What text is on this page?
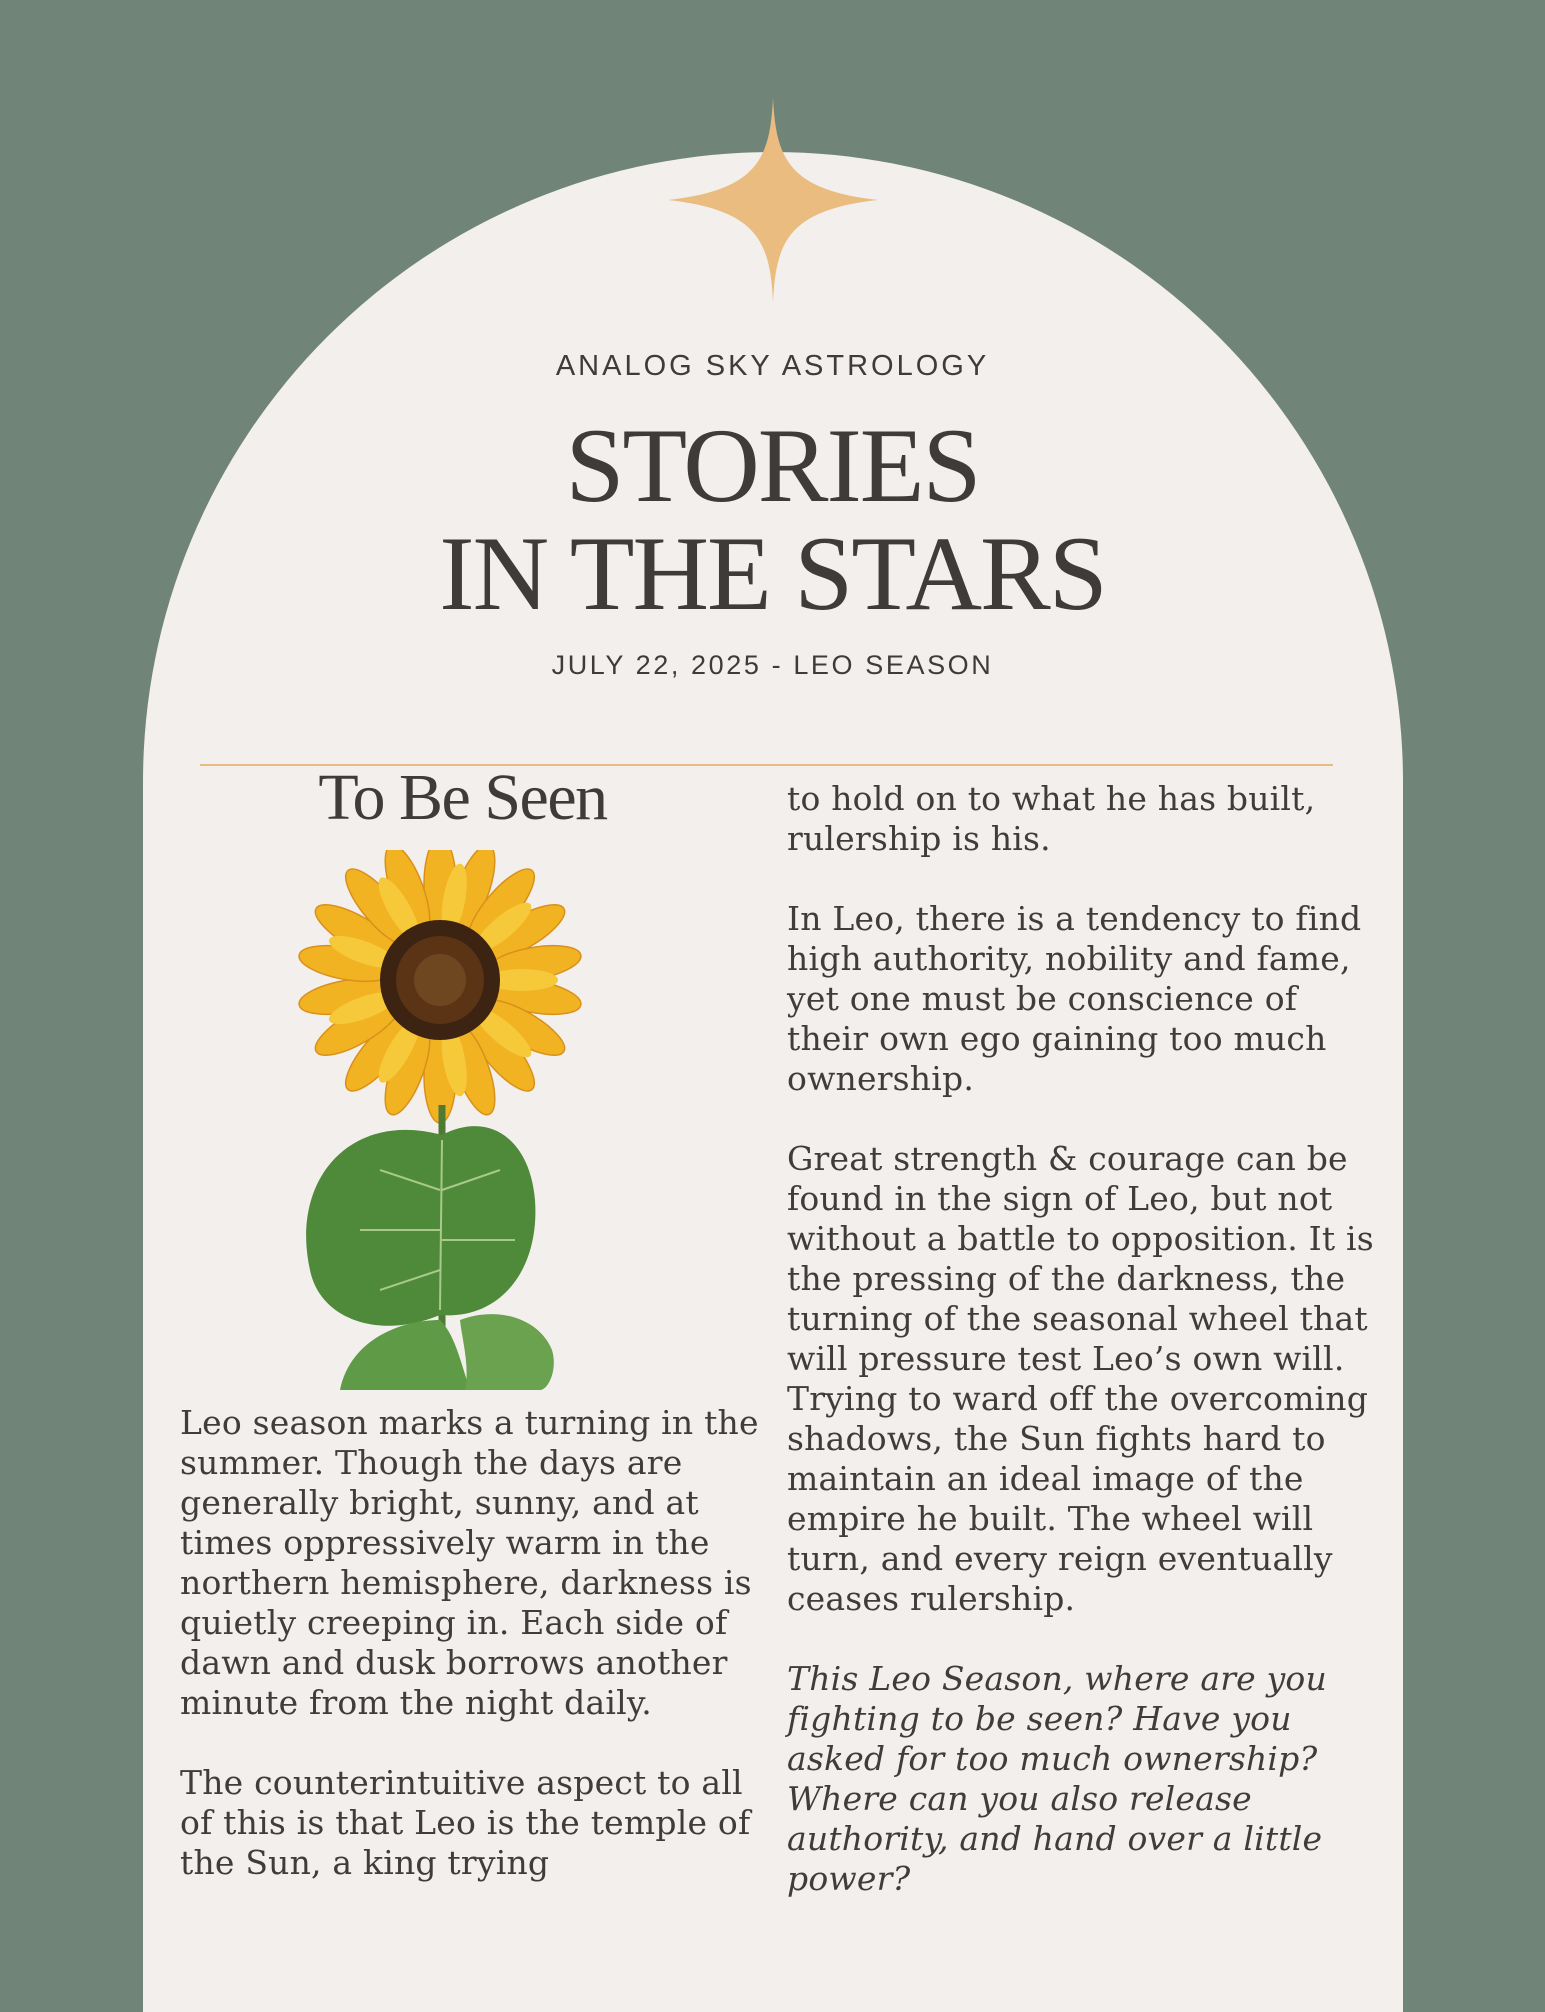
ANALOG SKY ASTROLOGY
STORIES
IN THE STARS
JULY 22, 2025 - LEO SEASON
To Be Seen

Leo season marks a turning in the summer. Though the days are generally bright, sunny, and at times oppressively warm in the northern hemisphere, darkness is quietly creeping in. Each side of dawn and dusk borrows another minute from the night daily.

The counterintuitive aspect to all of this is that Leo is the temple of the Sun, a king trying

to hold on to what he has built, rulership is his.

In Leo, there is a tendency to find high authority, nobility and fame, yet one must be conscience of their own ego gaining too much ownership.

Great strength & courage can be found in the sign of Leo, but not without a battle to opposition. It is the pressing of the darkness, the turning of the seasonal wheel that will pressure test Leo’s own will. Trying to ward off the overcoming shadows, the Sun fights hard to maintain an ideal image of the empire he built. The wheel will turn, and every reign eventually ceases rulership.

This Leo Season, where are you fighting to be seen? Have you asked for too much ownership? Where can you also release authority, and hand over a little power?
